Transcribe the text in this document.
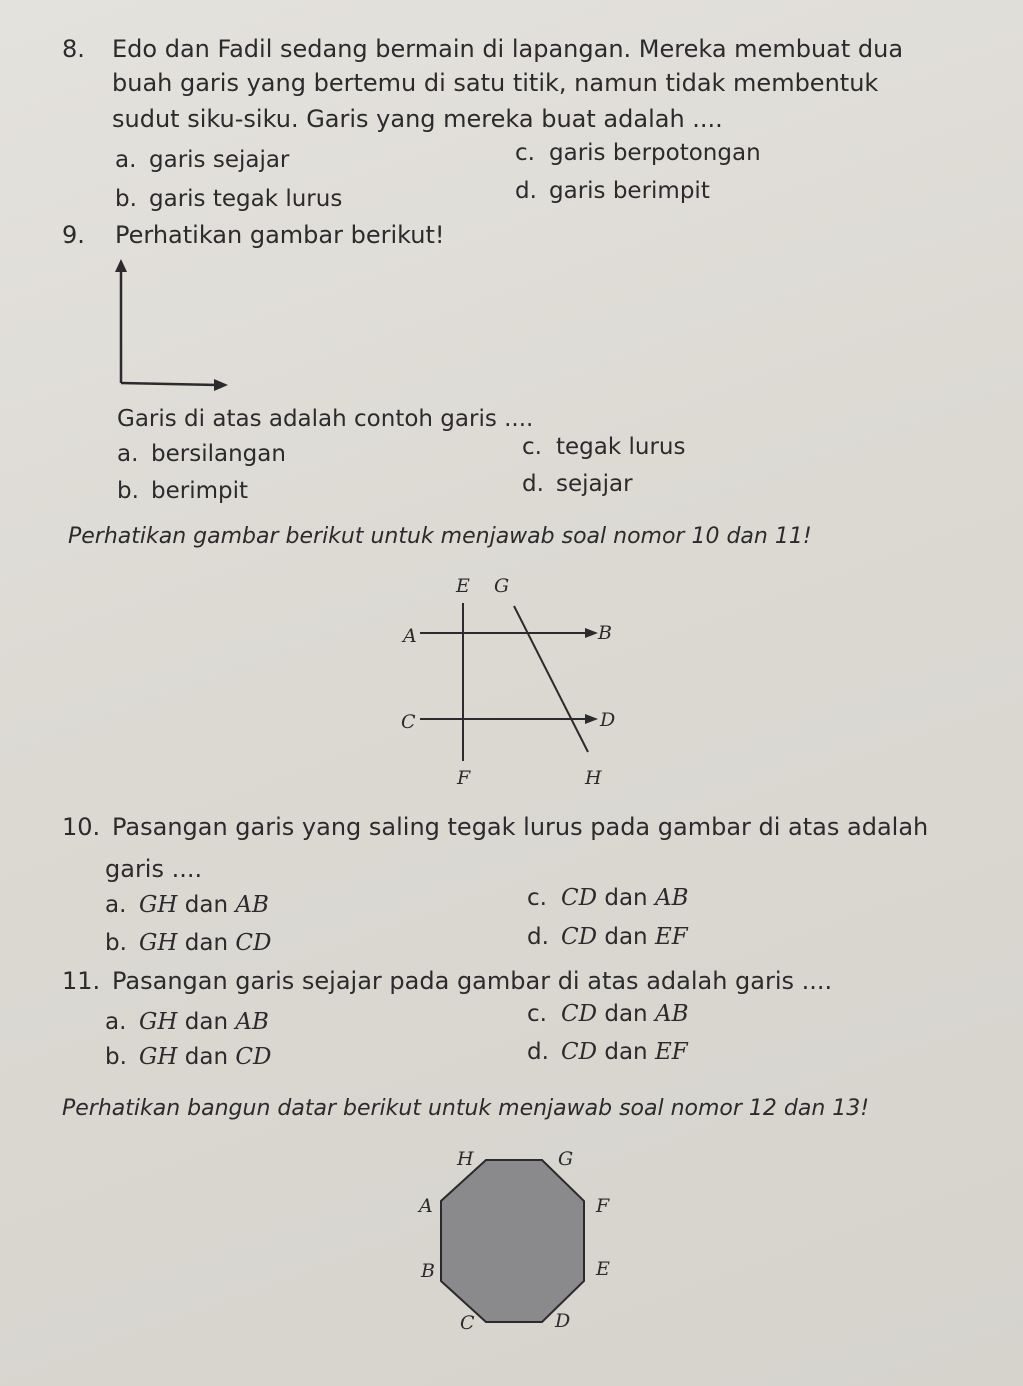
8. Edo dan Fadil sedang bermain di lapangan. Mereka membuat dua
buah garis yang bertemu di satu titik, namun tidak membentuk
sudut siku-siku. Garis yang mereka buat adalah ....
a. garis sejajar	c. garis berpotongan
b. garis tegak lurus	d. garis berimpit
9. Perhatikan gambar berikut!
Garis di atas adalah contoh garis ....
a. bersilangan	c. tegak lurus
b. berimpit	d. sejajar
Perhatikan gambar berikut untuk menjawab soal nomor 10 dan 11!
E G
A	B
C	D
F	H
10. Pasangan garis yang saling tegak lurus pada gambar di atas adalah
garis ....
a. GH dan AB	c. CD dan AB
b. GH dan CD	d. CD dan EF
11. Pasangan garis sejajar pada gambar di atas adalah garis ....
a. GH dan AB	c. CD dan AB
b. GH dan CD	d. CD dan EF
Perhatikan bangun datar berikut untuk menjawab soal nomor 12 dan 13!
H	G
A	F
B	E
C	D
